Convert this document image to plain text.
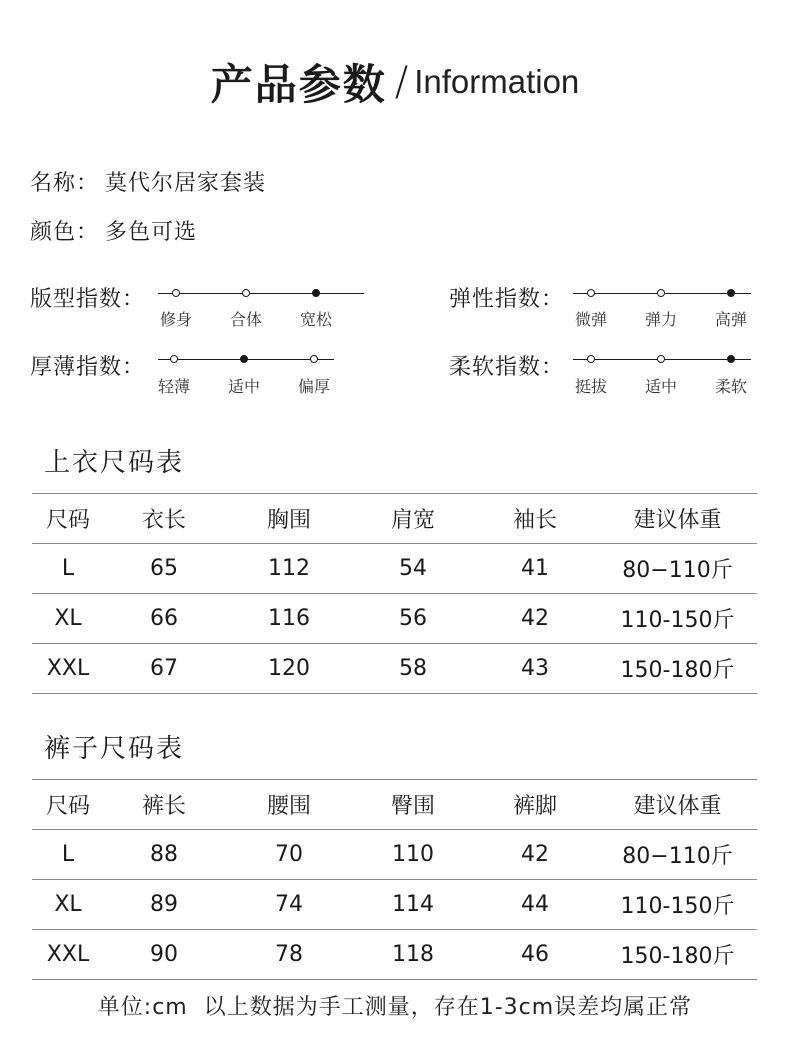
产品参数 / Information
名称： 莫代尔居家套装
颜色： 多色可选
版型指数：
修身 合体 宽松
弹性指数：
微弹 弹力 高弹
厚薄指数：
轻薄 适中 偏厚
柔软指数：
挺拔 适中 柔软
上衣尺码表
尺码	衣长	胸围	肩宽	袖长	建议体重
L	65	112	54	41	80−110斤
XL	66	116	56	42	110-150斤
XXL	67	120	58	43	150-180斤
裤子尺码表
尺码	裤长	腰围	臀围	裤脚	建议体重
L	88	70	110	42	80−110斤
XL	89	74	114	44	110-150斤
XXL	90	78	118	46	150-180斤
单位:cm  以上数据为手工测量，存在1-3cm误差均属正常
